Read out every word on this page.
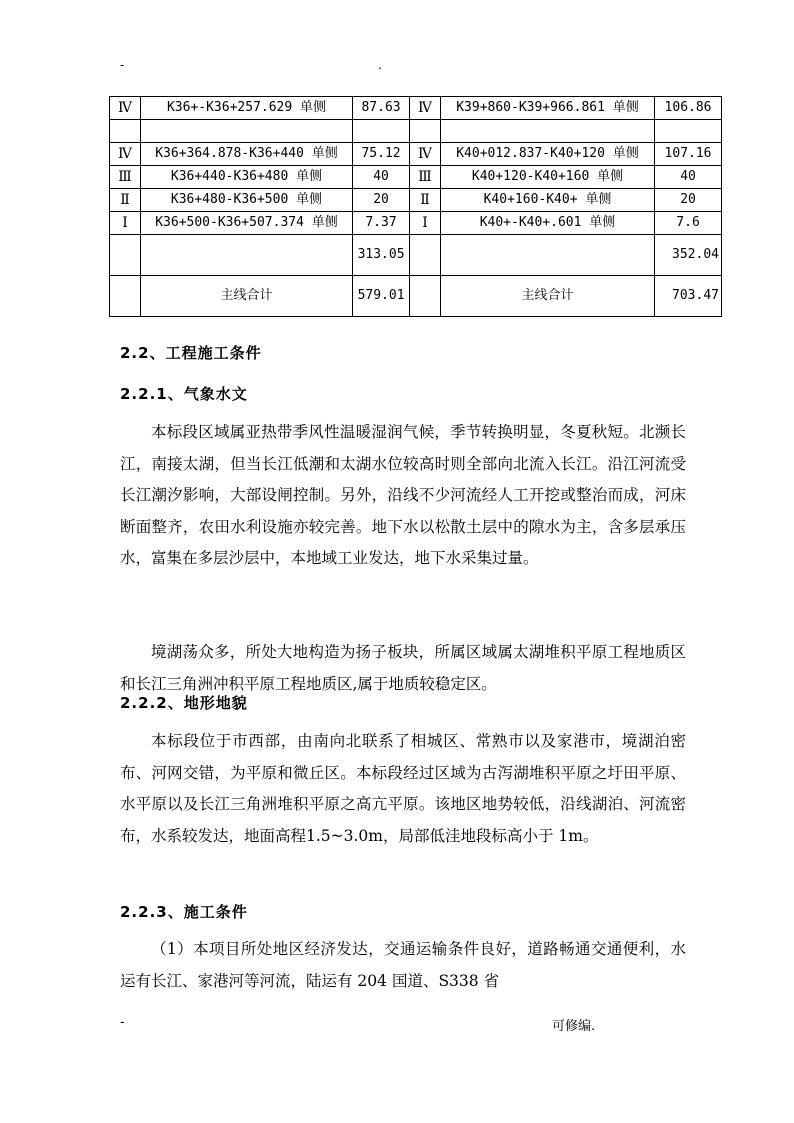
-	.
Ⅳ	K36+-K36+257.629 单侧	87.63	Ⅳ	K39+860-K39+966.861 单侧	106.86

Ⅳ	K36+364.878-K36+440 单侧	75.12	Ⅳ	K40+012.837-K40+120 单侧	107.16
Ⅲ	K36+440-K36+480 单侧	40	Ⅲ	K40+120-K40+160 单侧	40
Ⅱ	K36+480-K36+500 单侧	20	Ⅱ	K40+160-K40+ 单侧	20
Ⅰ	K36+500-K36+507.374 单侧	7.37	Ⅰ	K40+-K40+.601 单侧	7.6
		313.05			352.04
	主线合计	579.01		主线合计	703.47
2.2、工程施工条件
2.2.1、气象水文

本标段区域属亚热带季风性温暖湿润气候，季节转换明显，冬夏秋短。北濒长江，南接太湖，但当长江低潮和太湖水位较高时则全部向北流入长江。沿江河流受长江潮汐影响，大部设闸控制。另外，沿线不少河流经人工开挖或整治而成，河床断面整齐，农田水利设施亦较完善。地下水以松散土层中的隙水为主，含多层承压水，富集在多层沙层中，本地域工业发达，地下水采集过量。

境湖荡众多，所处大地构造为扬子板块，所属区域属太湖堆积平原工程地质区和长江三角洲冲积平原工程地质区,属于地质较稳定区。

2.2.2、地形地貌

本标段位于市西部，由南向北联系了相城区、常熟市以及家港市，境湖泊密布、河网交错，为平原和微丘区。本标段经过区域为古泻湖堆积平原之圩田平原、水平原以及长江三角洲堆积平原之高亢平原。该地区地势较低，沿线湖泊、河流密布，水系较发达，地面高程1.5~3.0m，局部低洼地段标高小于 1m。

2.2.3、施工条件

（1）本项目所处地区经济发达，交通运输条件良好，道路畅通交通便利，水运有长江、家港河等河流，陆运有 204 国道、S338 省

-	可修编.
